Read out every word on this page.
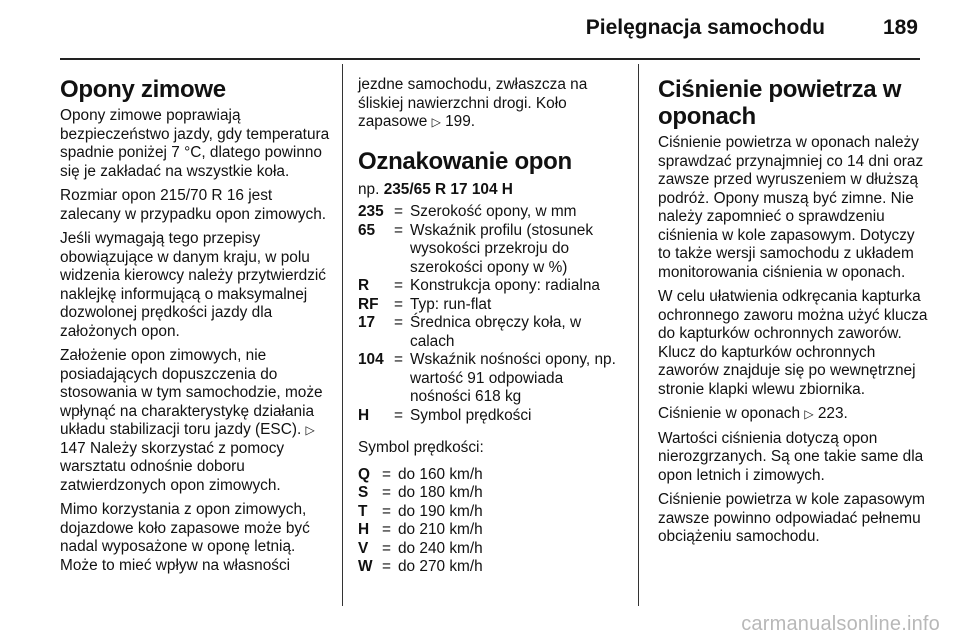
Pielęgnacja samochodu	189
Opony zimowe

Opony zimowe poprawiają bezpieczeństwo jazdy, gdy temperatura spadnie poniżej 7 °C, dlatego powinno się je zakładać na wszystkie koła.

Rozmiar opon 215/70 R 16 jest zalecany w przypadku opon zimowych.

Jeśli wymagają tego przepisy obowiązujące w danym kraju, w polu widzenia kierowcy należy przytwierdzić naklejkę informującą o maksymalnej dozwolonej prędkości jazdy dla założonych opon.

Założenie opon zimowych, nie posiadających dopuszczenia do stosowania w tym samochodzie, może wpłynąć na charakterystykę działania układu stabilizacji toru jazdy (ESC). ▷ 147 Należy skorzystać z pomocy warsztatu odnośnie doboru zatwierdzonych opon zimowych.

Mimo korzystania z opon zimowych, dojazdowe koło zapasowe może być nadal wyposażone w oponę letnią. Może to mieć wpływ na własności

jezdne samochodu, zwłaszcza na śliskiej nawierzchni drogi. Koło zapasowe ▷ 199.

Oznakowanie opon
np. 235/65 R 17 104 H
235	=	Szerokość opony, w mm
65	=	Wskaźnik profilu (stosunek wysokości przekroju do szerokości opony w %)
R	=	Konstrukcja opony: radialna
RF	=	Typ: run-flat
17	=	Średnica obręczy koła, w calach
104	=	Wskaźnik nośności opony, np. wartość 91 odpowiada nośności 618 kg
H	=	Symbol prędkości

Symbol prędkości:

Q	=	do 160 km/h
S	=	do 180 km/h
T	=	do 190 km/h
H	=	do 210 km/h
V	=	do 240 km/h
W	=	do 270 km/h
Ciśnienie powietrza w oponach

Ciśnienie powietrza w oponach należy sprawdzać przynajmniej co 14 dni oraz zawsze przed wyruszeniem w dłuższą podróż. Opony muszą być zimne. Nie należy zapomnieć o sprawdzeniu ciśnienia w kole zapasowym. Dotyczy to także wersji samochodu z układem monitorowania ciśnienia w oponach.

W celu ułatwienia odkręcania kapturka ochronnego zaworu można użyć klucza do kapturków ochronnych zaworów. Klucz do kapturków ochronnych zaworów znajduje się po wewnętrznej stronie klapki wlewu zbiornika.

Ciśnienie w oponach ▷ 223.

Wartości ciśnienia dotyczą opon nierozgrzanych. Są one takie same dla opon letnich i zimowych.

Ciśnienie powietrza w kole zapasowym zawsze powinno odpowiadać pełnemu obciążeniu samochodu.

carmanualsonline.info
